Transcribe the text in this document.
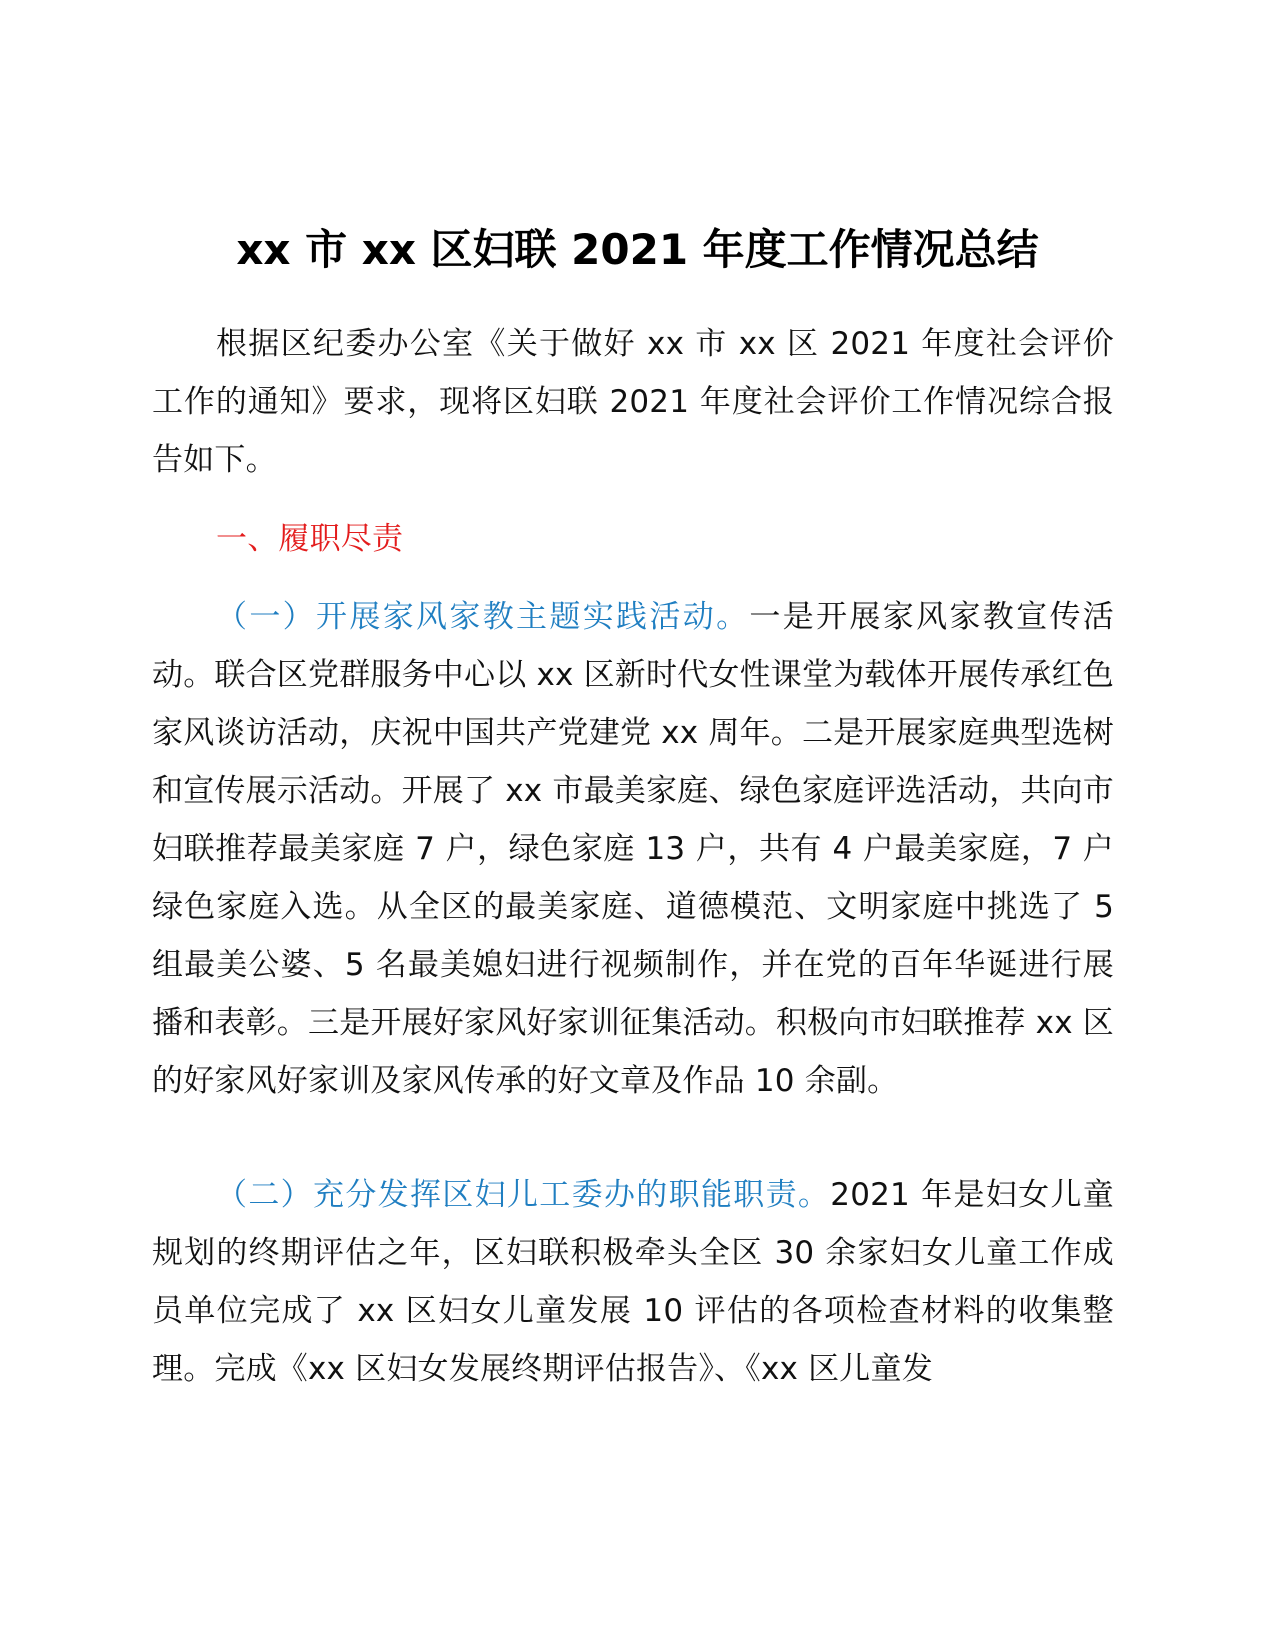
xx 市 xx 区妇联 2021 年度工作情况总结

根据区纪委办公室《关于做好 xx 市 xx 区 2021 年度社会评价工作的通知》要求，现将区妇联 2021 年度社会评价工作情况综合报告如下。

一、履职尽责

（一）开展家风家教主题实践活动。一是开展家风家教宣传活动。联合区党群服务中心以 xx 区新时代女性课堂为载体开展传承红色家风谈访活动，庆祝中国共产党建党 xx 周年。二是开展家庭典型选树和宣传展示活动。开展了 xx 市最美家庭、绿色家庭评选活动，共向市妇联推荐最美家庭 7 户，绿色家庭 13 户，共有 4 户最美家庭，7 户绿色家庭入选。从全区的最美家庭、道德模范、文明家庭中挑选了 5 组最美公婆、5 名最美媳妇进行视频制作，并在党的百年华诞进行展播和表彰。三是开展好家风好家训征集活动。积极向市妇联推荐 xx 区的好家风好家训及家风传承的好文章及作品 10 余副。

（二）充分发挥区妇儿工委办的职能职责。2021 年是妇女儿童规划的终期评估之年，区妇联积极牵头全区 30 余家妇女儿童工作成员单位完成了 xx 区妇女儿童发展 10 评估的各项检查材料的收集整理。完成《xx 区妇女发展终期评估报告》、《xx 区儿童发
